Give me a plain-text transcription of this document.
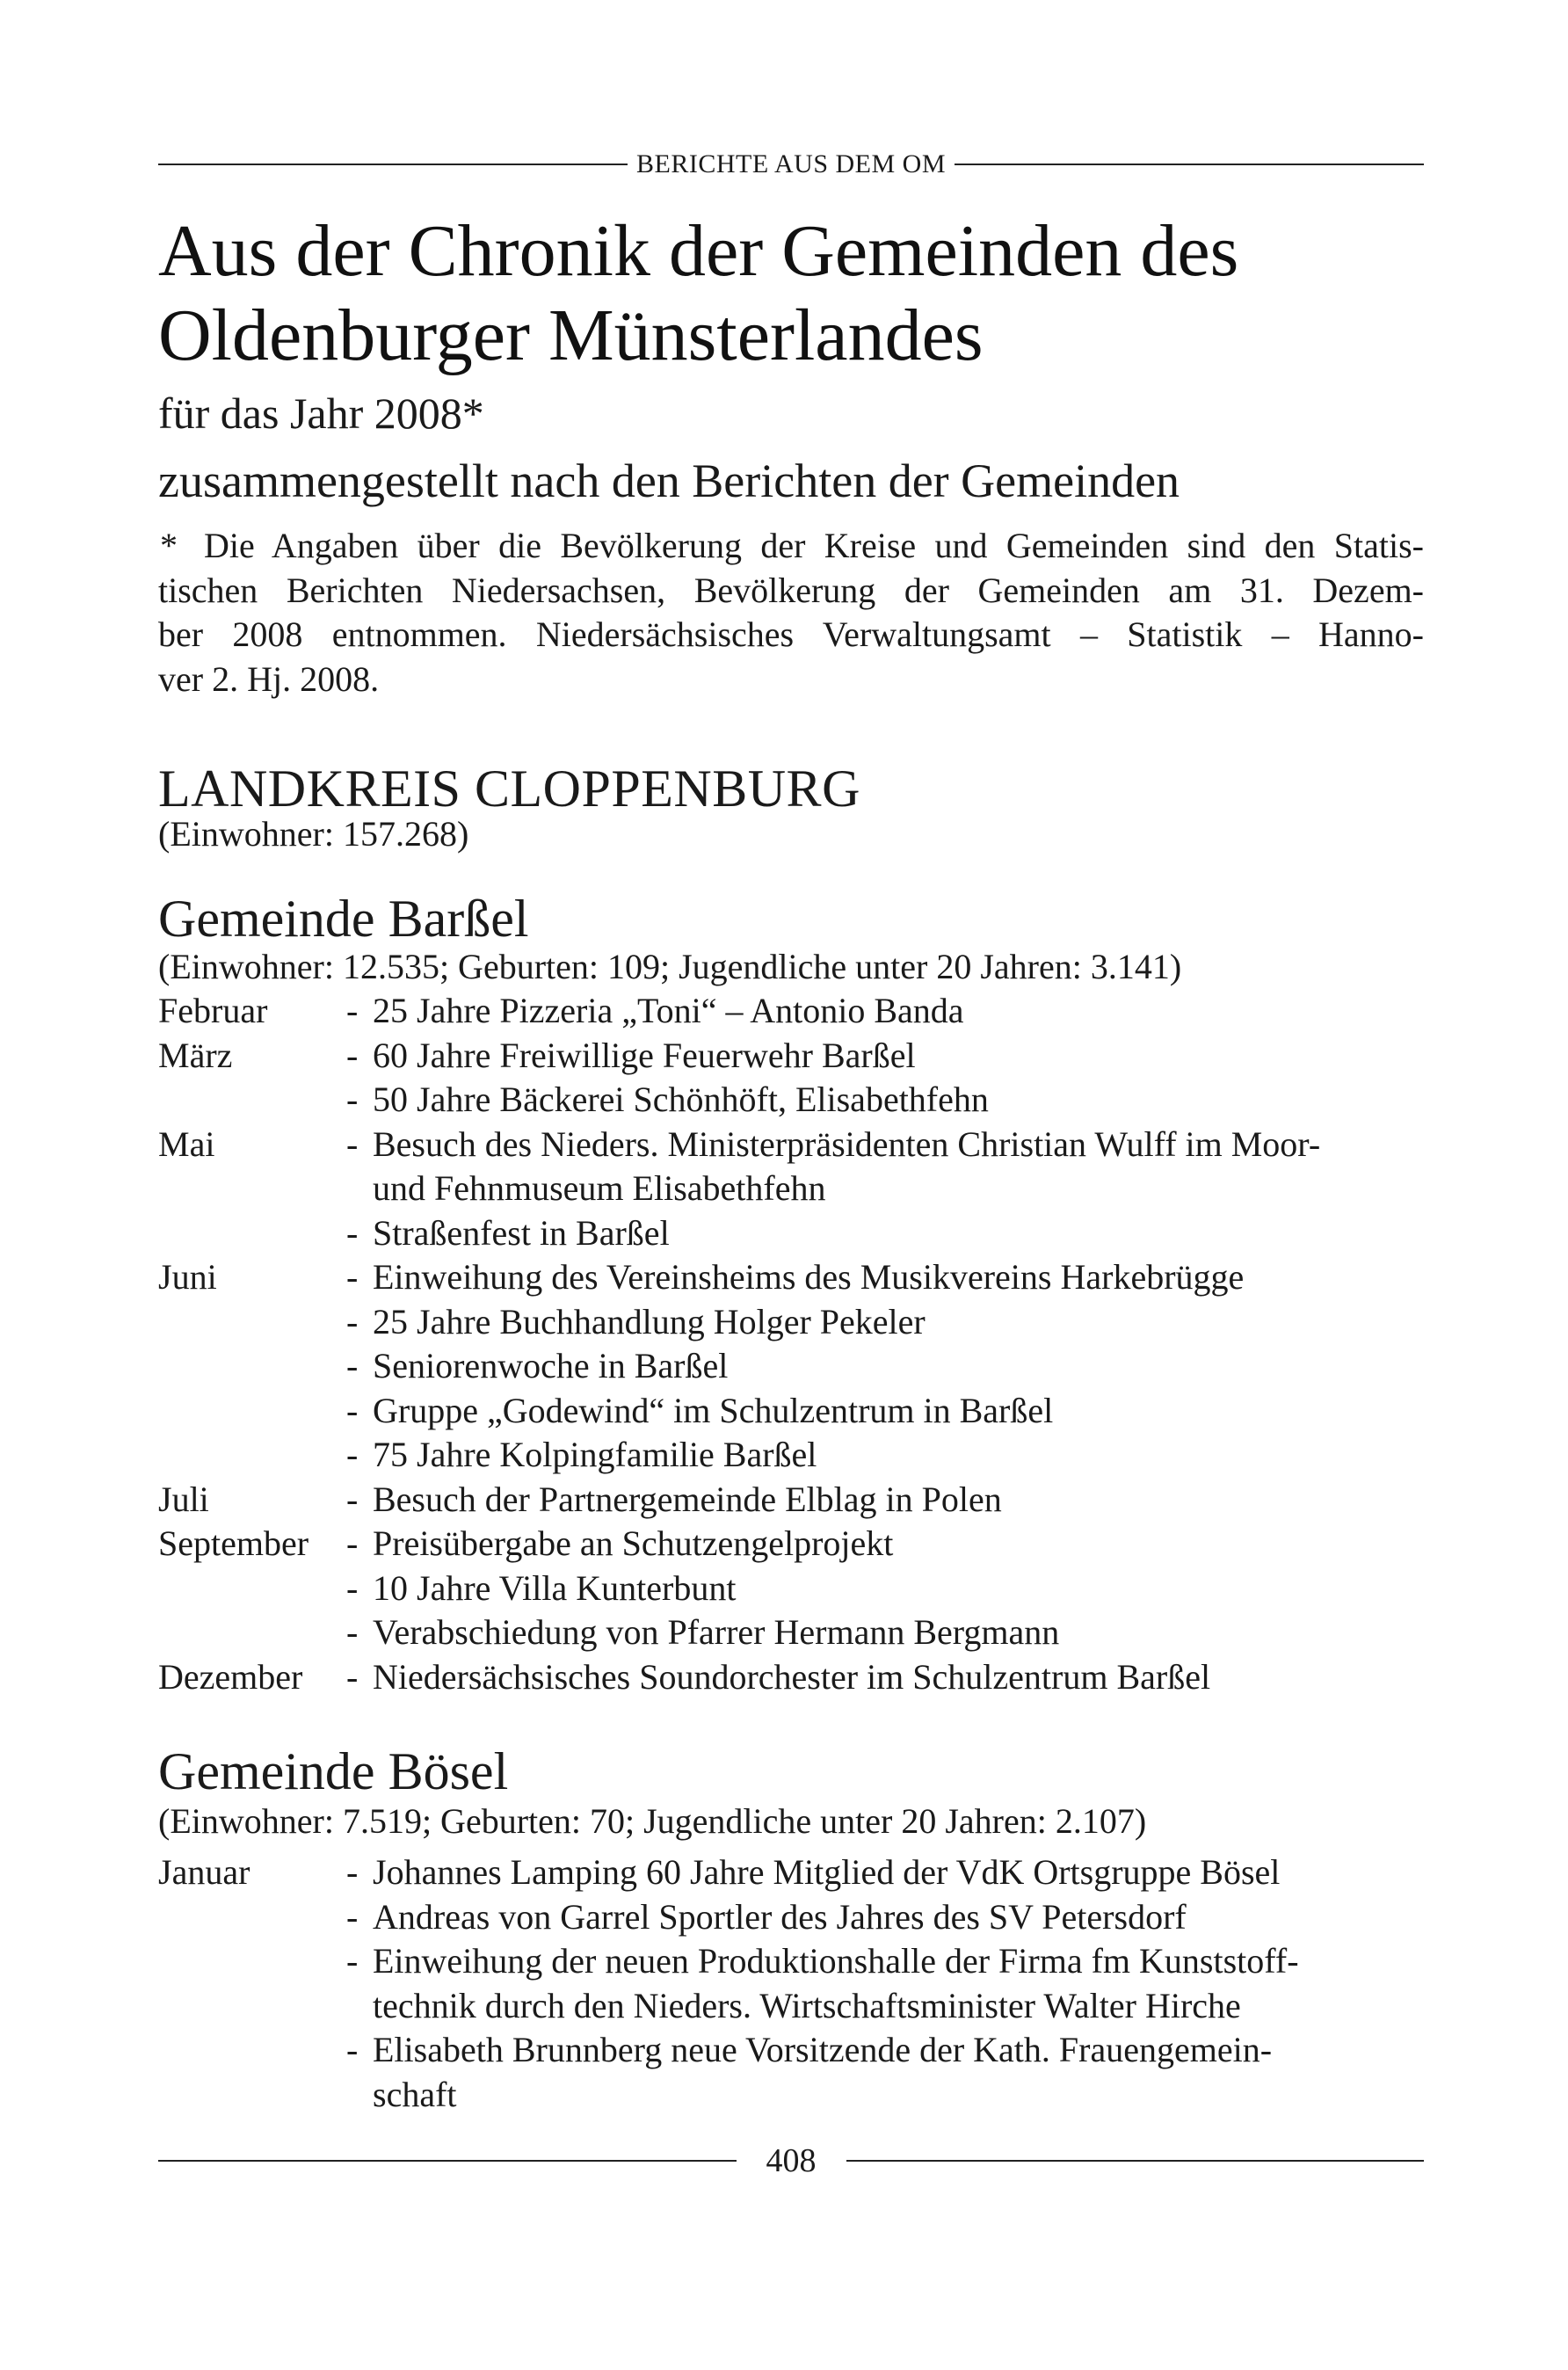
BERICHTE AUS DEM OM
Aus der Chronik der Gemeinden des
Oldenburger Münsterlandes
für das Jahr 2008*
zusammengestellt nach den Berichten der Gemeinden
* Die Angaben über die Bevölkerung der Kreise und Gemeinden sind den Statis-
tischen Berichten Niedersachsen, Bevölkerung der Gemeinden am 31. Dezem-
ber 2008 entnommen. Niedersächsisches Verwaltungsamt – Statistik – Hanno-
ver 2. Hj. 2008.
LANDKREIS CLOPPENBURG
(Einwohner: 157.268)
Gemeinde Barßel
(Einwohner: 12.535; Geburten: 109; Jugendliche unter 20 Jahren: 3.141)
Februar - 25 Jahre Pizzeria „Toni“ – Antonio Banda
März	- 60 Jahre Freiwillige Feuerwehr Barßel
- 50 Jahre Bäckerei Schönhöft, Elisabethfehn
Mai	- Besuch des Nieders. Ministerpräsidenten Christian Wulff im Moor-
und Fehnmuseum Elisabethfehn
- Straßenfest in Barßel
Juni	- Einweihung des Vereinsheims des Musikvereins Harkebrügge
- 25 Jahre Buchhandlung Holger Pekeler
- Seniorenwoche in Barßel
- Gruppe „Godewind“ im Schulzentrum in Barßel
- 75 Jahre Kolpingfamilie Barßel
Juli	- Besuch der Partnergemeinde Elblag in Polen
September - Preisübergabe an Schutzengelprojekt
- 10 Jahre Villa Kunterbunt
- Verabschiedung von Pfarrer Hermann Bergmann
Dezember - Niedersächsisches Soundorchester im Schulzentrum Barßel
Gemeinde Bösel
(Einwohner: 7.519; Geburten: 70; Jugendliche unter 20 Jahren: 2.107)
Januar	- Johannes Lamping 60 Jahre Mitglied der VdK Ortsgruppe Bösel
- Andreas von Garrel Sportler des Jahres des SV Petersdorf
- Einweihung der neuen Produktionshalle der Firma fm Kunststoff-
technik durch den Nieders. Wirtschaftsminister Walter Hirche
- Elisabeth Brunnberg neue Vorsitzende der Kath. Frauengemein-
schaft
408
